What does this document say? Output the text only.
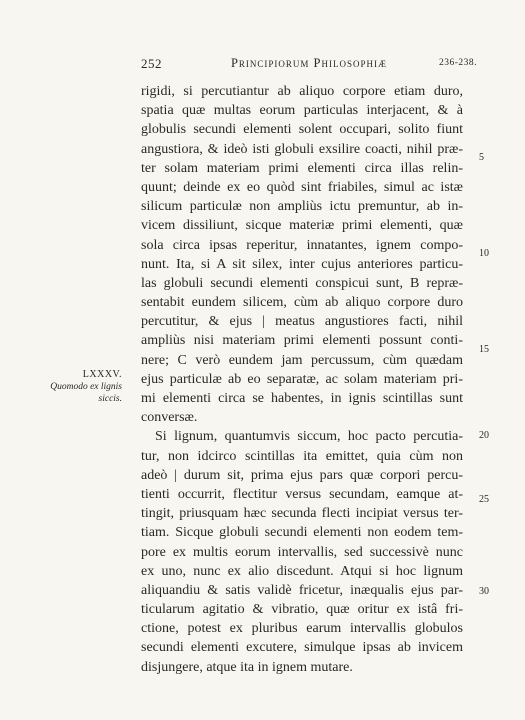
252	Principiorum Philosophiæ	236-238.
LXXXV.
Quomodo ex lignis
siccis.
rigidi, si percutiantur ab aliquo corpore etiam duro,
spatia quæ multas eorum particulas interjacent, & à
globulis secundi elementi solent occupari, solito fiunt
angustiora, & ideò isti globuli exsilire coacti, nihil præ-
ter solam materiam primi elementi circa illas relin-
quunt; deinde ex eo quòd sint friabiles, simul ac istæ
silicum particulæ non ampliùs ictu premuntur, ab in-
vicem dissiliunt, sicque materiæ primi elementi, quæ
sola circa ipsas reperitur, innatantes, ignem compo-
nunt. Ita, si A sit silex, inter cujus anteriores particu-
las globuli secundi elementi conspicui sunt, B repræ-
sentabit eundem silicem, cùm ab aliquo corpore duro
percutitur, & ejus | meatus angustiores facti, nihil
ampliùs nisi materiam primi elementi possunt conti-
nere; C verò eundem jam percussum, cùm quædam
ejus particulæ ab eo separatæ, ac solam materiam pri-
mi elementi circa se habentes, in ignis scintillas sunt
conversæ.
Si lignum, quantumvis siccum, hoc pacto percutia-
tur, non idcirco scintillas ita emittet, quia cùm non
adeò | durum sit, prima ejus pars quæ corpori percu-
tienti occurrit, flectitur versus secundam, eamque at-
tingit, priusquam hæc secunda flecti incipiat versus ter-
tiam. Sicque globuli secundi elementi non eodem tem-
pore ex multis eorum intervallis, sed successivè nunc
ex uno, nunc ex alio discedunt. Atqui si hoc lignum
aliquandiu & satis validè fricetur, inæqualis ejus par-
ticularum agitatio & vibratio, quæ oritur ex istâ fri-
ctione, potest ex pluribus earum intervallis globulos
secundi elementi excutere, simulque ipsas ab invicem
disjungere, atque ita in ignem mutare.
5
10
15
20
25
30
